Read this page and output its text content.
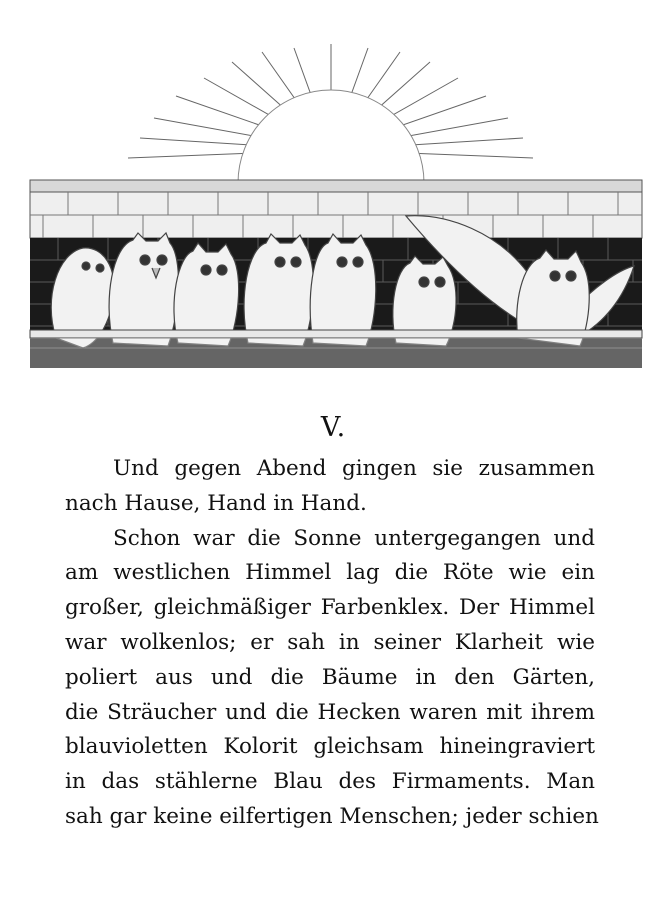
V.
Und gegen Abend gingen sie zusammen
nach Hause, Hand in Hand.
Schon war die Sonne untergegangen und
am westlichen Himmel lag die Röte wie ein
großer, gleichmäßiger Farbenklex. Der Himmel
war wolkenlos; er sah in seiner Klarheit wie
poliert aus und die Bäume in den Gärten,
die Sträucher und die Hecken waren mit ihrem
blauvioletten Kolorit gleichsam hineingraviert
in das stählerne Blau des Firmaments. Man
sah gar keine eilfertigen Menschen; jeder schien
